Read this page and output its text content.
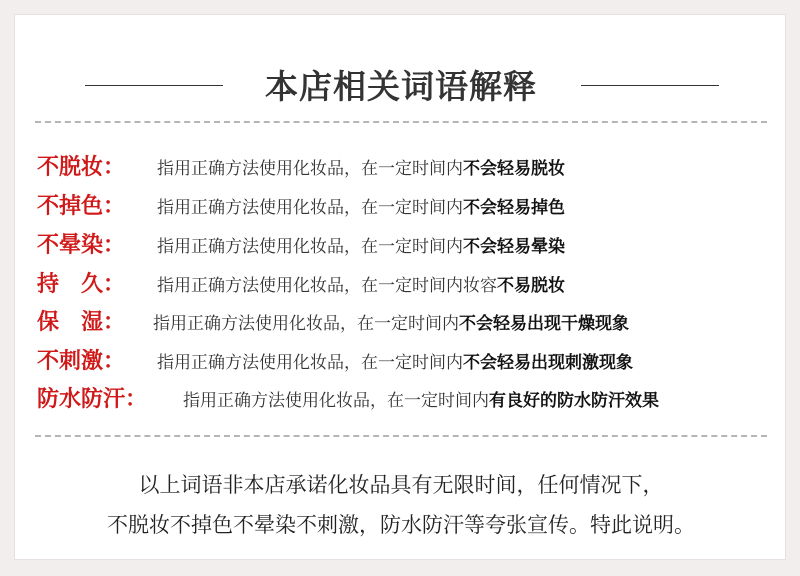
本店相关词语解释
不脱妆： 指用正确方法使用化妆品，在一定时间内不会轻易脱妆
不掉色： 指用正确方法使用化妆品，在一定时间内不会轻易掉色
不晕染： 指用正确方法使用化妆品，在一定时间内不会轻易晕染
持　久： 指用正确方法使用化妆品，在一定时间内妆容不易脱妆
保　湿： 指用正确方法使用化妆品，在一定时间内不会轻易出现干燥现象
不刺激： 指用正确方法使用化妆品，在一定时间内不会轻易出现刺激现象
防水防汗： 指用正确方法使用化妆品，在一定时间内有良好的防水防汗效果
以上词语非本店承诺化妆品具有无限时间，任何情况下，
不脱妆不掉色不晕染不刺激，防水防汗等夸张宣传。特此说明。
